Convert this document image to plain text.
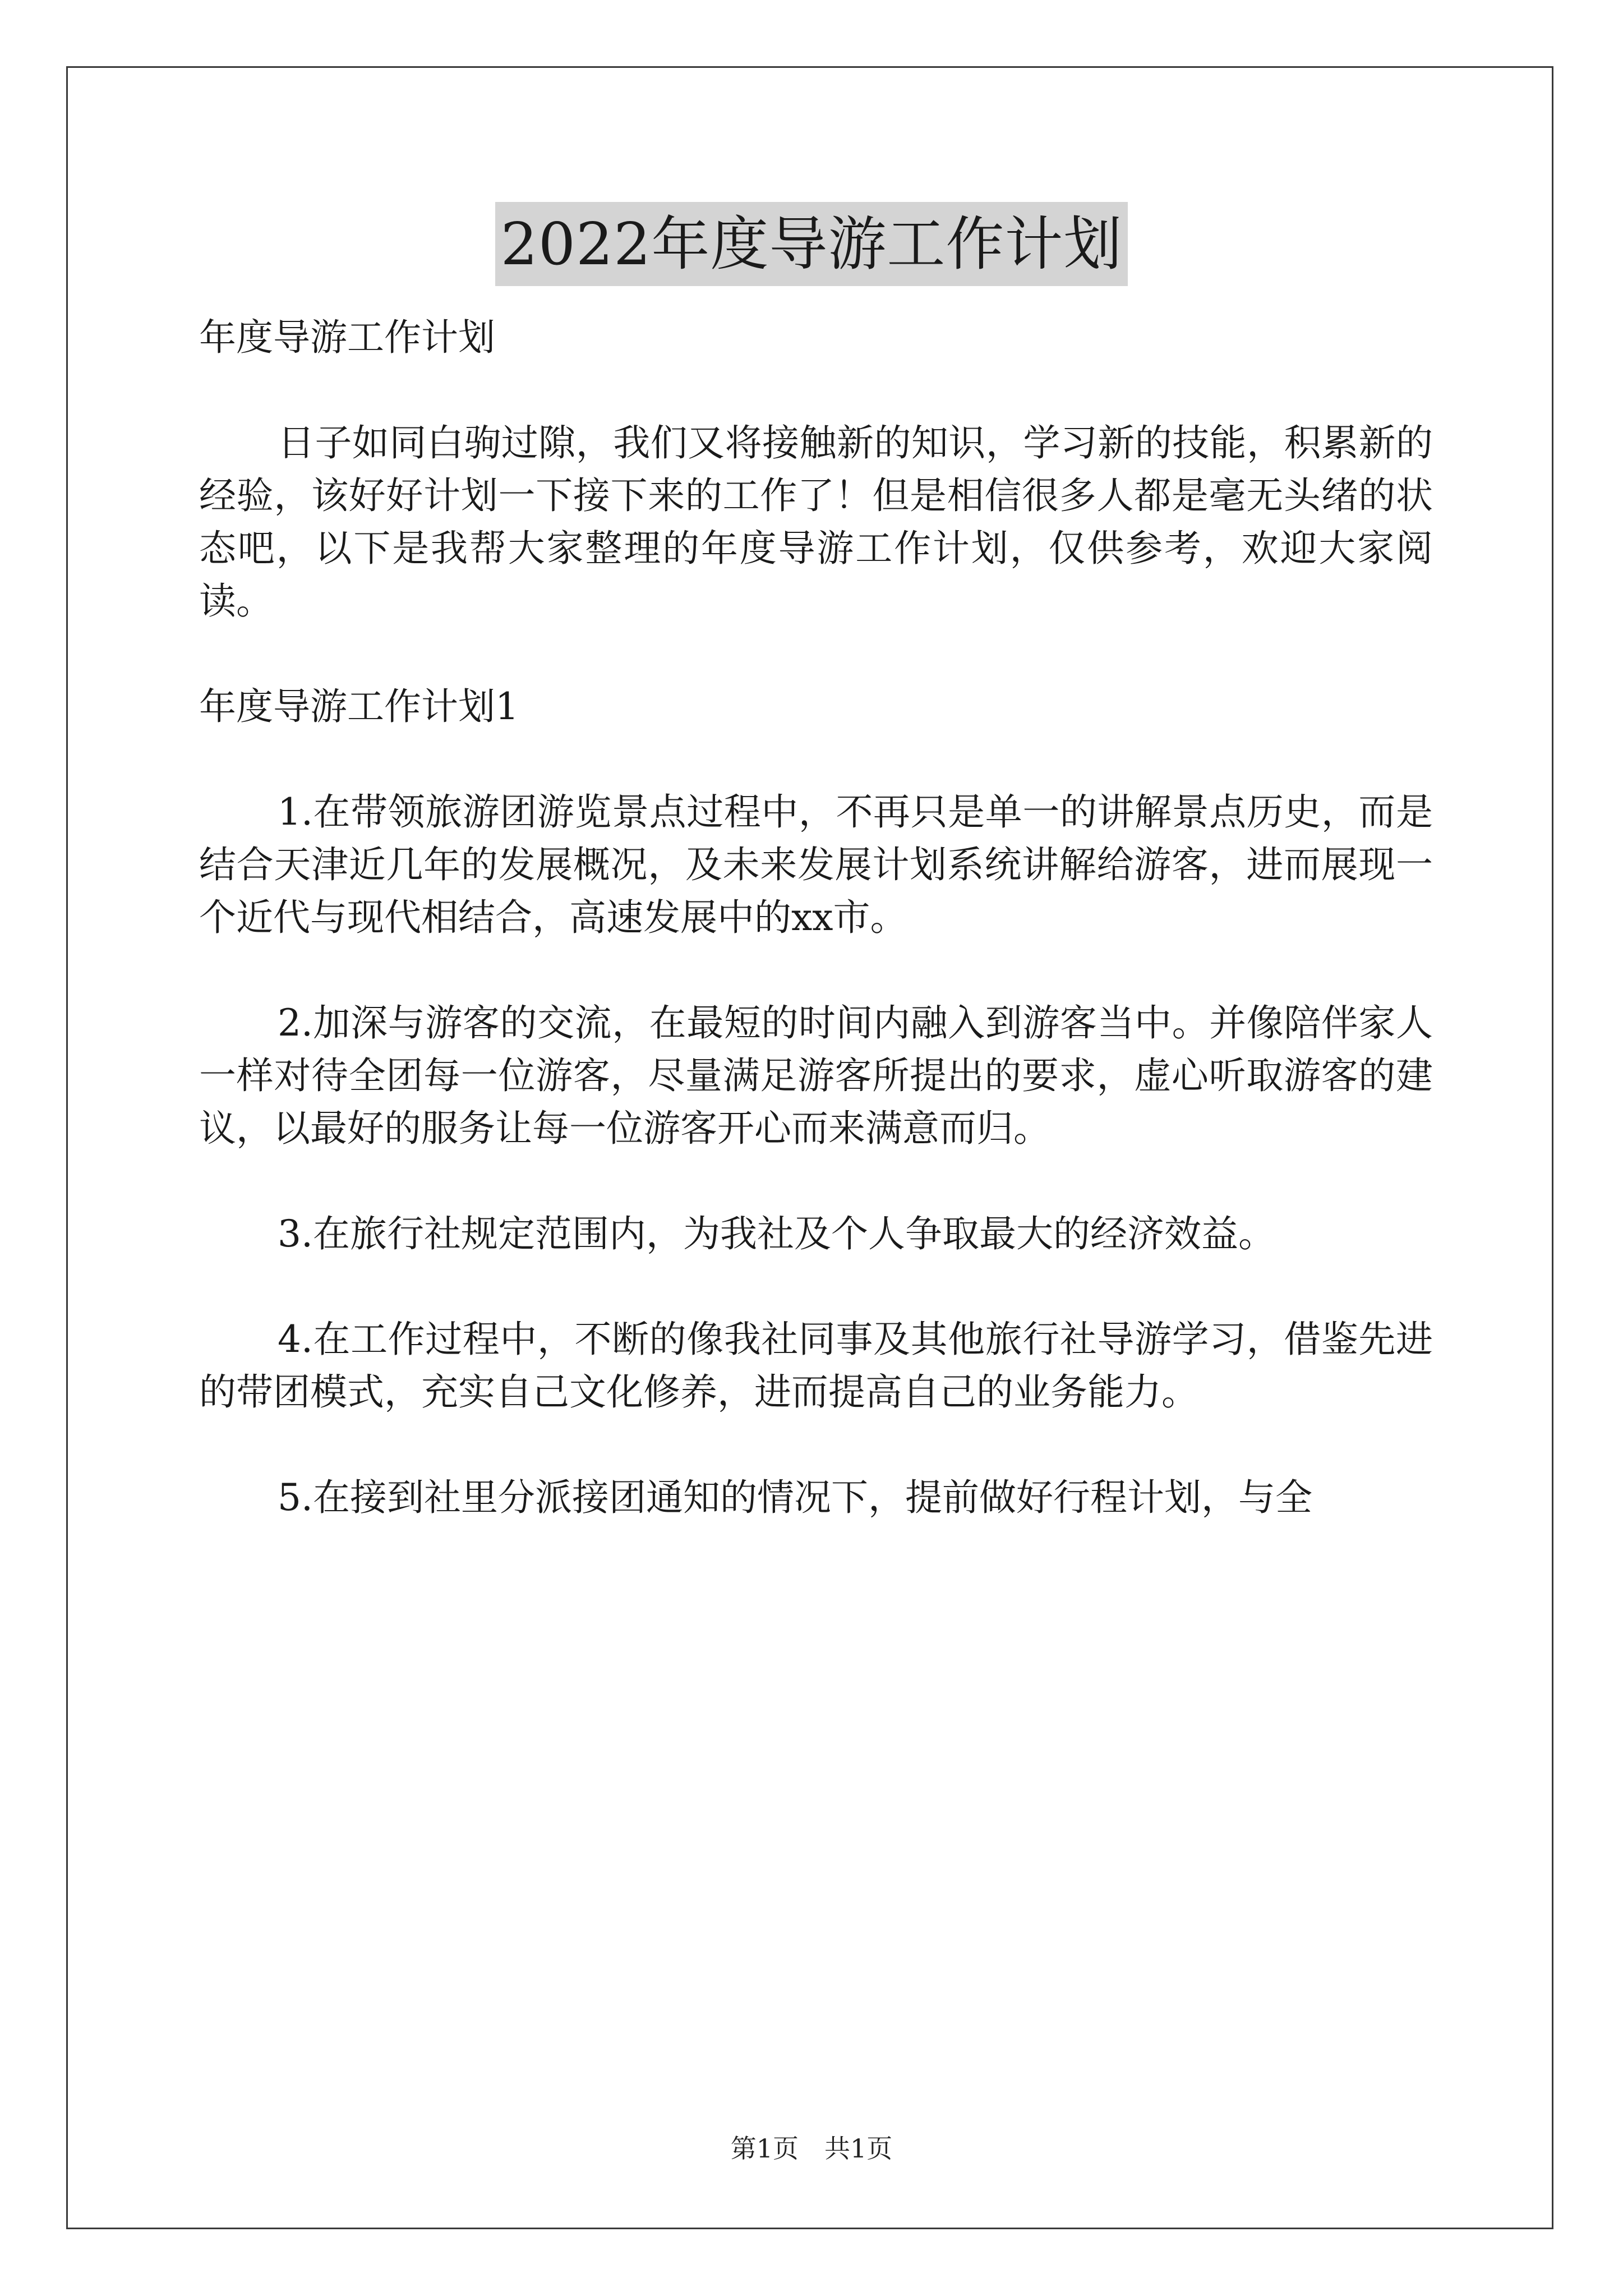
2022年度导游工作计划

年度导游工作计划

日子如同白驹过隙，我们又将接触新的知识，学习新的技能，积累新的经验，该好好计划一下接下来的工作了！但是相信很多人都是毫无头绪的状态吧，以下是我帮大家整理的年度导游工作计划，仅供参考，欢迎大家阅读。

年度导游工作计划1

1.在带领旅游团游览景点过程中，不再只是单一的讲解景点历史，而是结合天津近几年的发展概况，及未来发展计划系统讲解给游客，进而展现一个近代与现代相结合，高速发展中的xx市。

2.加深与游客的交流，在最短的时间内融入到游客当中。并像陪伴家人一样对待全团每一位游客，尽量满足游客所提出的要求，虚心听取游客的建议，以最好的服务让每一位游客开心而来满意而归。

3.在旅行社规定范围内，为我社及个人争取最大的经济效益。

4.在工作过程中，不断的像我社同事及其他旅行社导游学习，借鉴先进的带团模式，充实自己文化修养，进而提高自己的业务能力。

5.在接到社里分派接团通知的情况下，提前做好行程计划，与全

第1页　共1页
